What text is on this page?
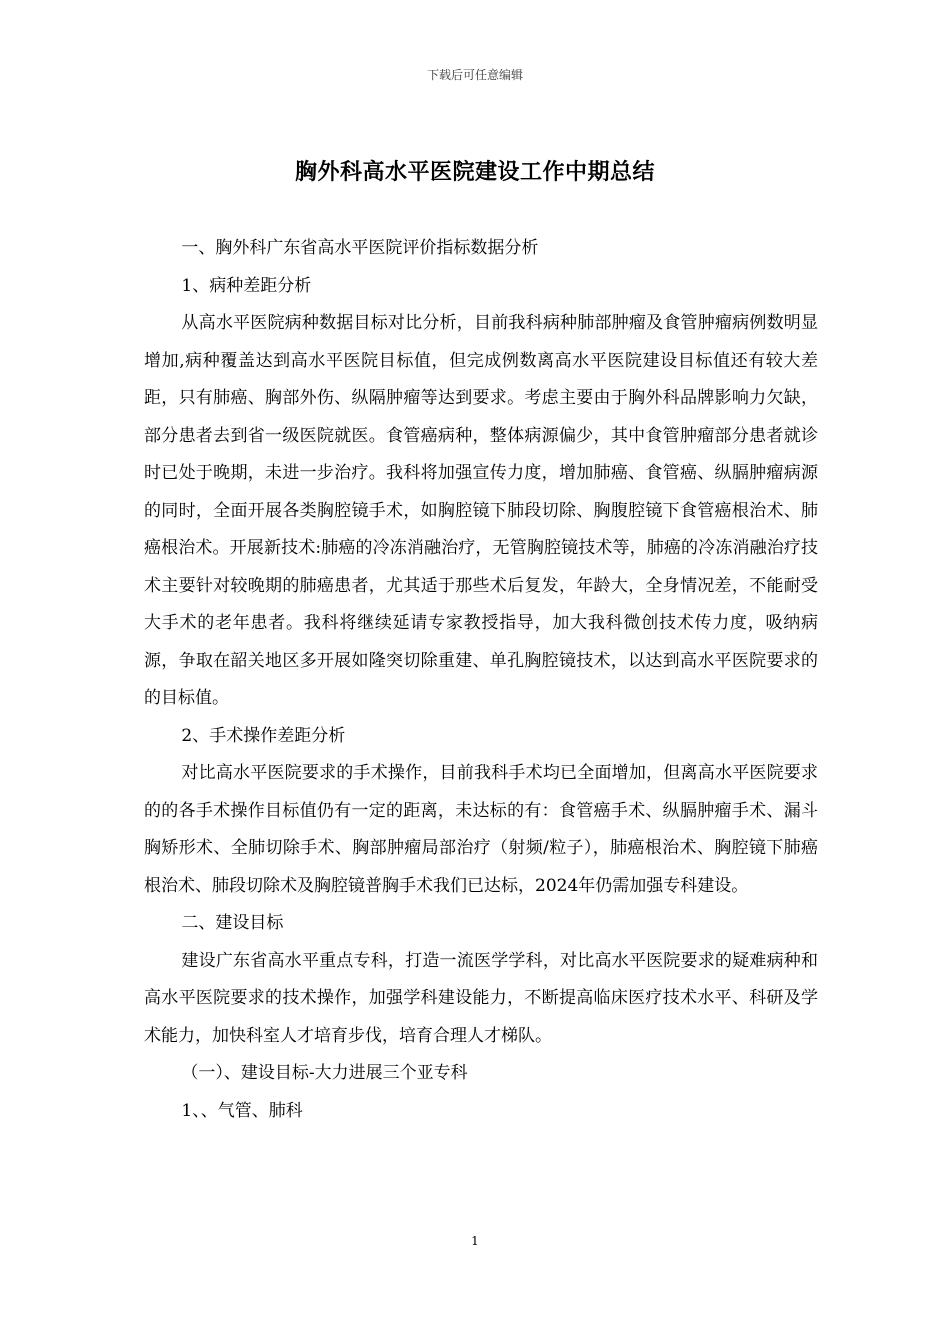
下载后可任意编辑
胸外科高水平医院建设工作中期总结

一、胸外科广东省高水平医院评价指标数据分析

1、病种差距分析

从高水平医院病种数据目标对比分析，目前我科病种肺部肿瘤及食管肿瘤病例数明显增加,病种覆盖达到高水平医院目标值，但完成例数离高水平医院建设目标值还有较大差距，只有肺癌、胸部外伤、纵隔肿瘤等达到要求。考虑主要由于胸外科品牌影响力欠缺，部分患者去到省一级医院就医。食管癌病种，整体病源偏少，其中食管肿瘤部分患者就诊时已处于晚期，未进一步治疗。我科将加强宣传力度，增加肺癌、食管癌、纵膈肿瘤病源的同时，全面开展各类胸腔镜手术，如胸腔镜下肺段切除、胸腹腔镜下食管癌根治术、肺癌根治术。开展新技术:肺癌的冷冻消融治疗，无管胸腔镜技术等，肺癌的冷冻消融治疗技术主要针对较晚期的肺癌患者，尤其适于那些术后复发，年龄大，全身情况差，不能耐受大手术的老年患者。我科将继续延请专家教授指导，加大我科微创技术传力度，吸纳病源，争取在韶关地区多开展如隆突切除重建、单孔胸腔镜技术，以达到高水平医院要求的的目标值。

2、手术操作差距分析

对比高水平医院要求的手术操作，目前我科手术均已全面增加，但离高水平医院要求的的各手术操作目标值仍有一定的距离，未达标的有：食管癌手术、纵膈肿瘤手术、漏斗胸矫形术、全肺切除手术、胸部肿瘤局部治疗（射频/粒子），肺癌根治术、胸腔镜下肺癌根治术、肺段切除术及胸腔镜普胸手术我们已达标，2024年仍需加强专科建设。

二、建设目标

建设广东省高水平重点专科，打造一流医学学科，对比高水平医院要求的疑难病种和高水平医院要求的技术操作，加强学科建设能力，不断提高临床医疗技术水平、科研及学术能力，加快科室人才培育步伐，培育合理人才梯队。

（一）、建设目标-大力进展三个亚专科

1、、气管、肺科

1
